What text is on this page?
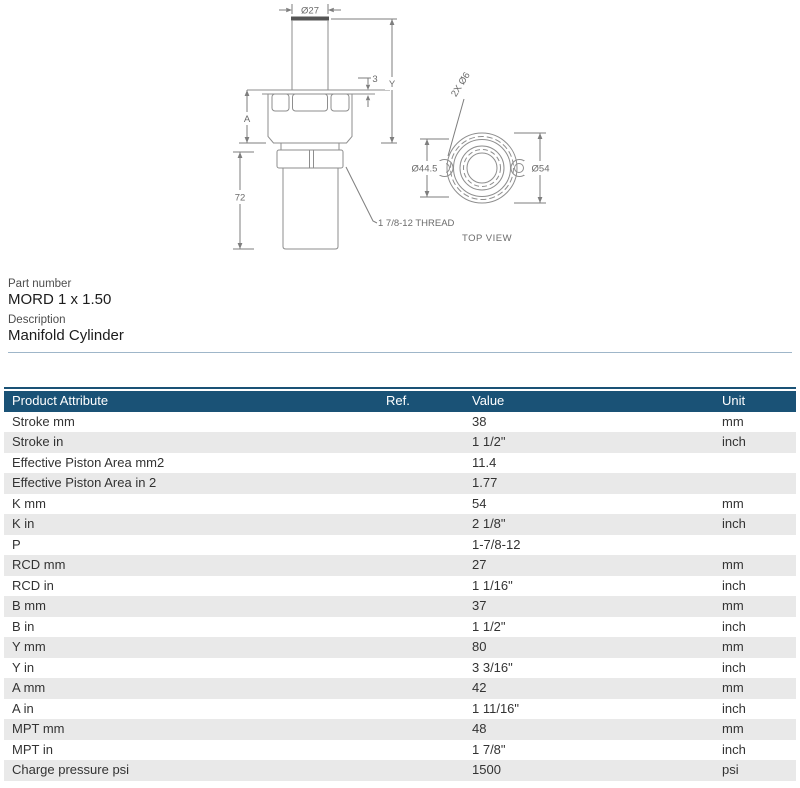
Ø27
3 Y
A
72
1 7/8-12 THREAD
2X Ø6
Ø44.5	Ø54
TOP VIEW
Part number
MORD 1 x 1.50
Description
Manifold Cylinder
Product Attribute	Ref.	Value	Unit
Stroke mm		38	mm
Stroke in		1 1/2"	inch
Effective Piston Area mm2		11.4	
Effective Piston Area in 2		1.77	
K mm		54	mm
K in		2 1/8"	inch
P		1-7/8-12	
RCD mm		27	mm
RCD in		1 1/16"	inch
B mm		37	mm
B in		1 1/2"	inch
Y mm		80	mm
Y in		3 3/16"	inch
A mm		42	mm
A in		1 11/16"	inch
MPT mm		48	mm
MPT in		1 7/8"	inch
Charge pressure psi		1500	psi
